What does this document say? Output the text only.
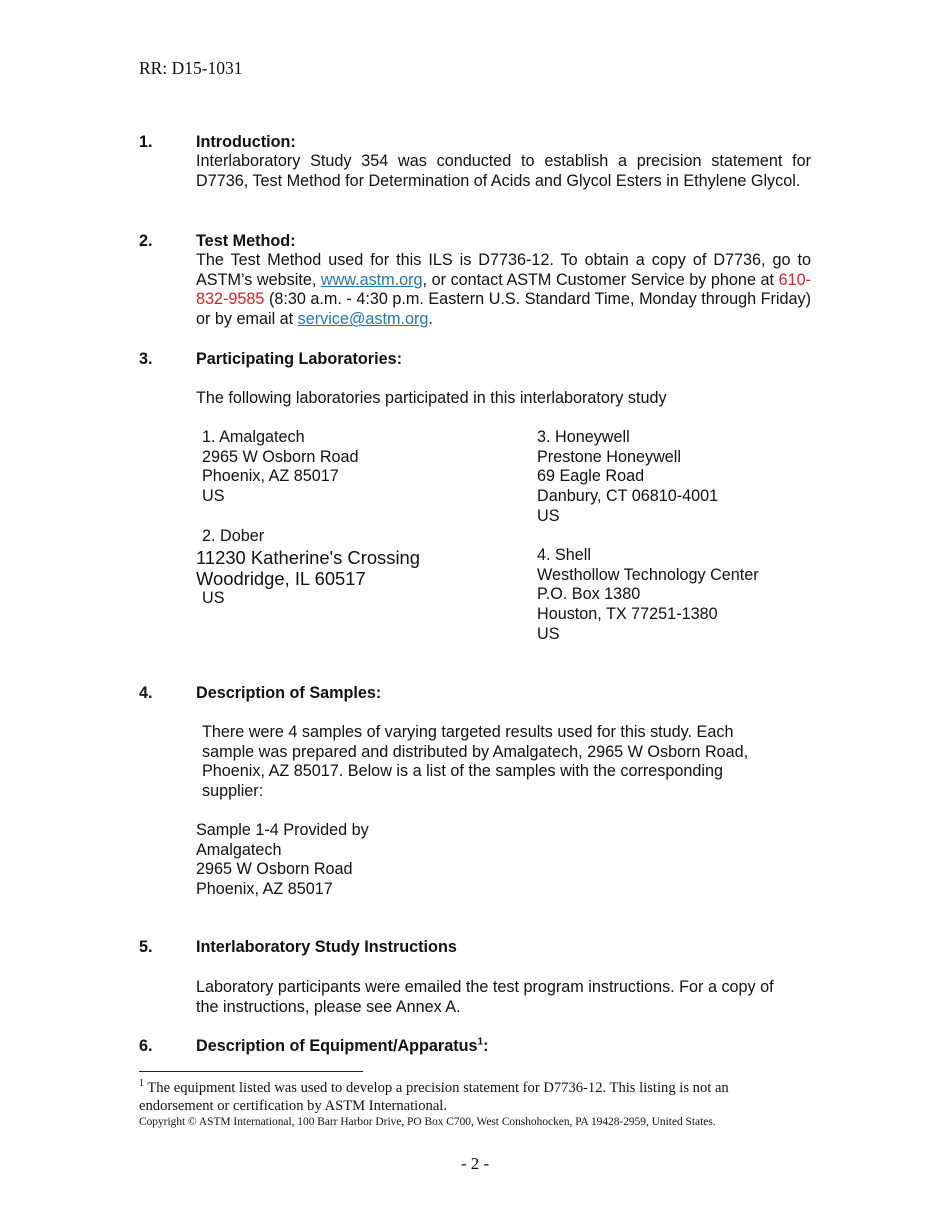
RR: D15-1031
1.	Introduction:
Interlaboratory Study 354 was conducted to establish a precision statement for D7736, Test Method for Determination of Acids and Glycol Esters in Ethylene Glycol.
2.	Test Method:
The Test Method used for this ILS is D7736-12. To obtain a copy of D7736, go to ASTM’s website, www.astm.org, or contact ASTM Customer Service by phone at 610-832-9585 (8:30 a.m. - 4:30 p.m. Eastern U.S. Standard Time, Monday through Friday) or by email at service@astm.org.
3.	Participating Laboratories:
The following laboratories participated in this interlaboratory study
1. Amalgatech
2965 W Osborn Road
Phoenix, AZ 85017
US
2. Dober
11230 Katherine's Crossing
Woodridge, IL 60517
US
3. Honeywell
Prestone Honeywell
69 Eagle Road
Danbury, CT 06810-4001
US
4. Shell
Westhollow Technology Center
P.O. Box 1380
Houston, TX 77251-1380
US
4.	Description of Samples:
There were 4 samples of varying targeted results used for this study. Each
sample was prepared and distributed by Amalgatech, 2965 W Osborn Road,
Phoenix, AZ 85017. Below is a list of the samples with the corresponding
supplier:
Sample 1-4 Provided by
Amalgatech
2965 W Osborn Road
Phoenix, AZ 85017
5.	Interlaboratory Study Instructions
Laboratory participants were emailed the test program instructions. For a copy of
the instructions, please see Annex A.
6.	Description of Equipment/Apparatus$^1$:
$^1$ The equipment listed was used to develop a precision statement for D7736-12. This listing is not an endorsement or certification by ASTM International.
Copyright © ASTM International, 100 Barr Harbor Drive, PO Box C700, West Conshohocken, PA 19428-2959, United States.
- 2 -
